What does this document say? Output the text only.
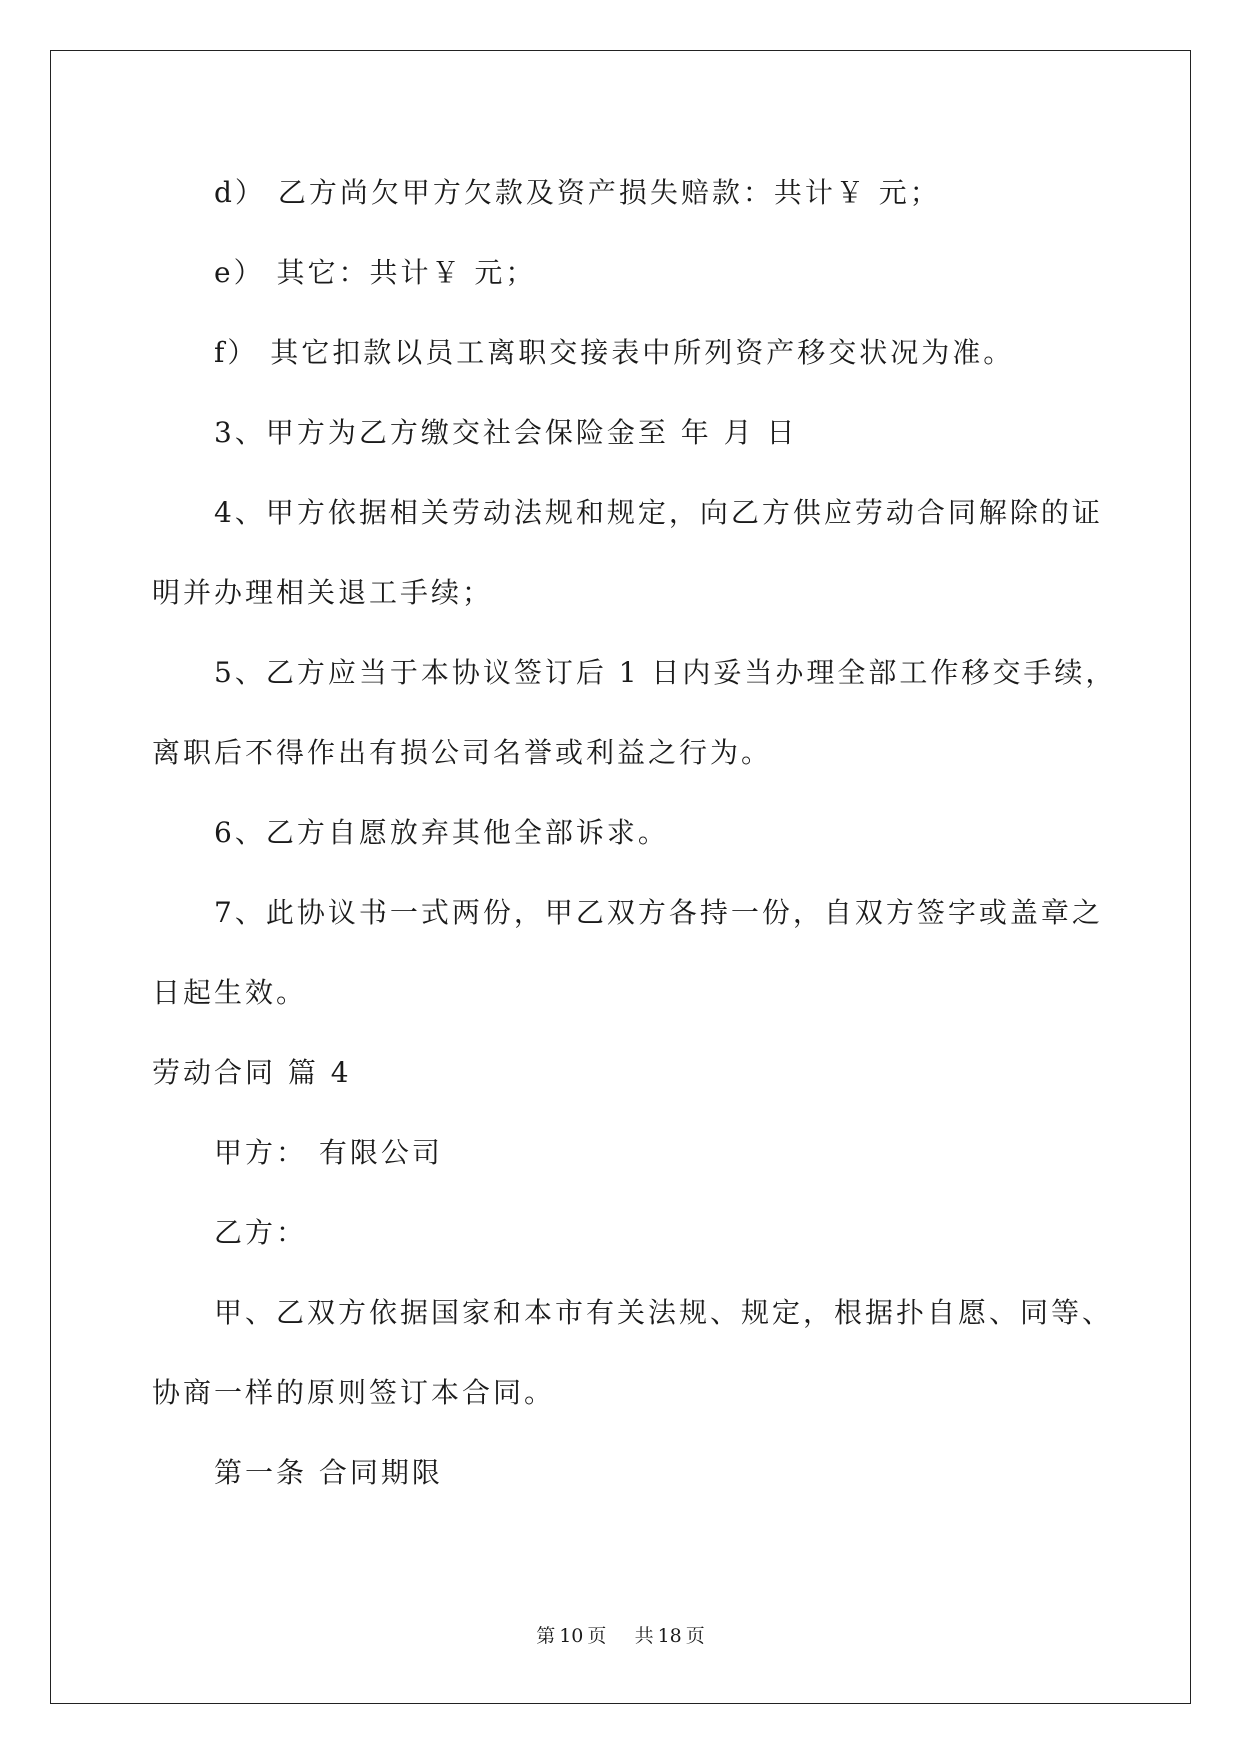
d） 乙方尚欠甲方欠款及资产损失赔款：共计￥ 元；
e） 其它：共计￥ 元；
f） 其它扣款以员工离职交接表中所列资产移交状况为准。
3、甲方为乙方缴交社会保险金至 年 月 日
4、甲方依据相关劳动法规和规定，向乙方供应劳动合同解除的证
明并办理相关退工手续；
5、乙方应当于本协议签订后 1 日内妥当办理全部工作移交手续，
离职后不得作出有损公司名誉或利益之行为。
6、乙方自愿放弃其他全部诉求。
7、此协议书一式两份，甲乙双方各持一份，自双方签字或盖章之
日起生效。
劳动合同 篇 4
甲方： 有限公司
乙方：
甲、乙双方依据国家和本市有关法规、规定，根据扑自愿、同等、
协商一样的原则签订本合同。
第一条 合同期限
第 10 页 共 18 页
